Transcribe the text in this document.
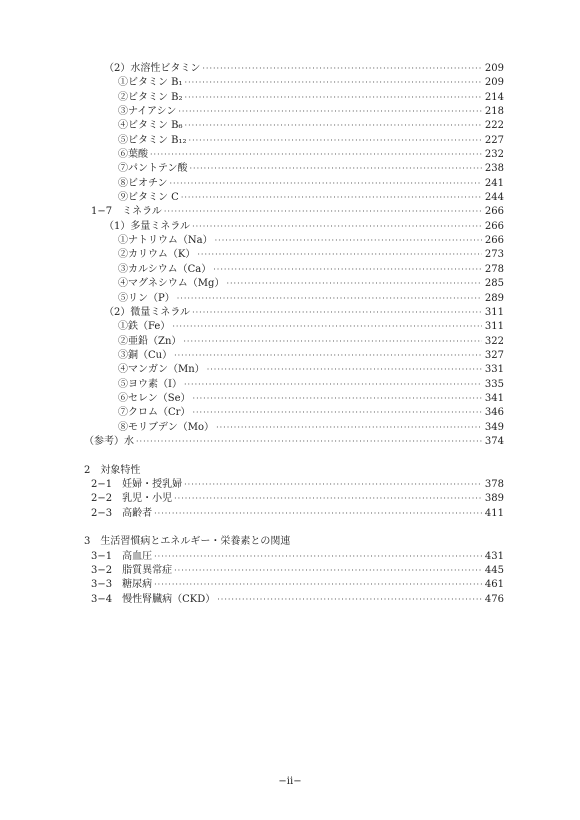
（2）水溶性ビタミン ·····	209
①ビタミン B₁ ·····	209
②ビタミン B₂ ·····	214
③ナイアシン ·····	218
④ビタミン B₆ ·····	222
⑤ビタミン B₁₂ ·····	227
⑥葉酸 ·····	232
⑦パントテン酸 ·····	238
⑧ビオチン ·····	241
⑨ビタミン C ·····	244
1−7　ミネラル ·····	266
（1）多量ミネラル ·····	266
①ナトリウム（Na） ·····	266
②カリウム（K） ·····	273
③カルシウム（Ca） ·····	278
④マグネシウム（Mg） ·····	285
⑤リン（P） ·····	289
（2）微量ミネラル ·····	311
①鉄（Fe） ·····	311
②亜鉛（Zn） ·····	322
③銅（Cu） ·····	327
④マンガン（Mn） ·····	331
⑤ヨウ素（I） ·····	335
⑥セレン（Se） ·····	341
⑦クロム（Cr） ·····	346
⑧モリブデン（Mo） ·····	349
（参考）水 ·····	374
2　対象特性
2−1　妊婦・授乳婦 ·····	378
2−2　乳児・小児 ·····	389
2−3　高齢者 ·····	411
3　生活習慣病とエネルギー・栄養素との関連
3−1　高血圧 ·····	431
3−2　脂質異常症 ·····	445
3−3　糖尿病 ·····	461
3−4　慢性腎臓病（CKD） ·····	476
−ii−
